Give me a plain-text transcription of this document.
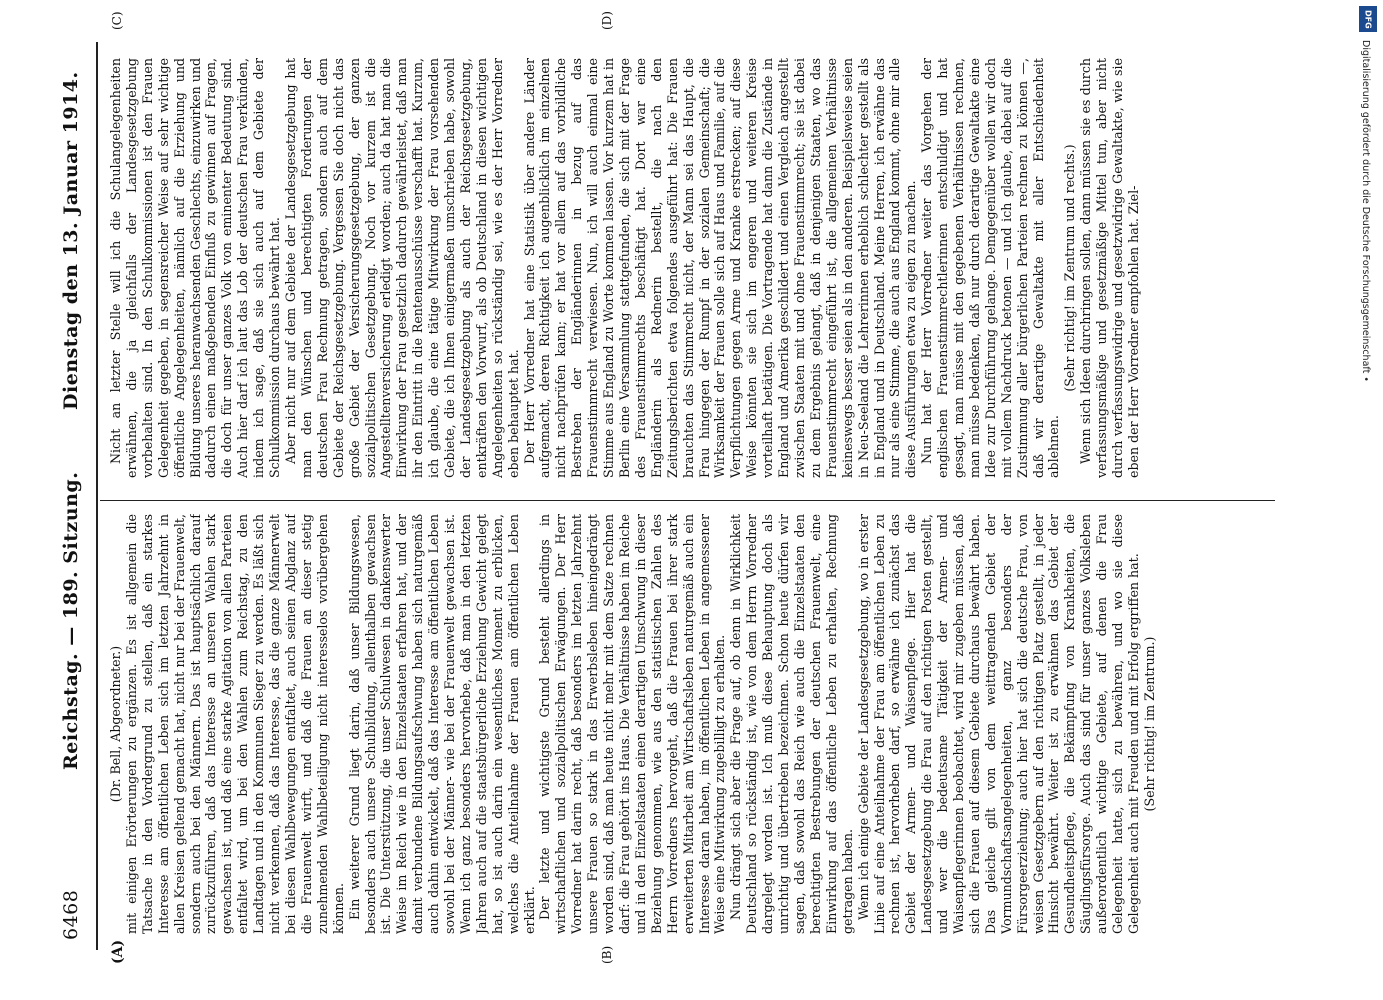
6468
Reichstag. — 189. Sitzung.
Dienstag den 13. Januar 1914.
(A)	(B)
(C)	(D)

(Dr. Bell, Abgeordneter.) mit einigen Erörterungen zu ergänzen. Es ist allgemein die Tatsache in den Vordergrund zu stellen, daß ein starkes Interesse am öffentlichen Leben sich im letzten Jahrzehnt in allen Kreisen geltend gemacht hat, nicht nur bei der Frauenwelt, sondern auch bei den Männern. Das ist hauptsächlich darauf zurückzuführen, daß das Interesse an unseren Wahlen stark gewachsen ist, und daß eine starke Agitation von allen Parteien entfaltet wird, um bei den Wahlen zum Reichstag, zu den Landtagen und in den Kommunen Sieger zu werden. Es läßt sich nicht verkennen, daß das Interesse, das die ganze Männerwelt bei diesen Wahlbewegungen entfaltet, auch seinen Abglanz auf die Frauenwelt wirft, und daß die Frauen an dieser stetig zunehmenden Wahlbeteiligung nicht interesselos vorübergehen können. Ein weiterer Grund liegt darin, daß unser Bildungswesen, besonders auch unsere Schulbildung, allenthalben gewachsen ist. Die Unterstützung, die unser Schulwesen in dankenswerter Weise im Reich wie in den Einzelstaaten erfahren hat, und der damit verbundene Bildungsaufschwung haben sich naturgemäß auch dahin entwickelt, daß das Interesse am öffentlichen Leben sowohl bei der Männer- wie bei der Frauenwelt gewachsen ist. Wenn ich ganz besonders hervorhebe, daß man in den letzten Jahren auch auf die staatsbürgerliche Erziehung Gewicht gelegt hat, so ist auch darin ein wesentliches Moment zu erblicken, welches die Anteilnahme der Frauen am öffentlichen Leben erklärt. Der letzte und wichtigste Grund besteht allerdings in wirtschaftlichen und sozialpolitischen Erwägungen. Der Herr Vorredner hat darin recht, daß besonders im letzten Jahrzehnt unsere Frauen so stark in das Erwerbsleben hineingedrängt worden sind, daß man heute nicht mehr mit dem Satze rechnen darf: die Frau gehört ins Haus. Die Verhältnisse haben im Reiche und in den Einzelstaaten einen derartigen Umschwung in dieser Beziehung genommen, wie aus den statistischen Zahlen des Herrn Vorredners hervorgeht, daß die Frauen bei ihrer stark erweiterten Mitarbeit am Wirtschaftsleben naturgemäß auch ein Interesse daran haben, im öffentlichen Leben in angemessener Weise eine Mitwirkung zugebilligt zu erhalten. Nun drängt sich aber die Frage auf, ob denn in Wirklichkeit Deutschland so rückständig ist, wie von dem Herrn Vorredner dargelegt worden ist. Ich muß diese Behauptung doch als unrichtig und übertrieben bezeichnen. Schon heute dürfen wir sagen, daß sowohl das Reich wie auch die Einzelstaaten den berechtigten Bestrebungen der deutschen Frauenwelt, eine Einwirkung auf das öffentliche Leben zu erhalten, Rechnung getragen haben. Wenn ich einige Gebiete der Landesgesetzgebung, wo in erster Linie auf eine Anteilnahme der Frau am öffentlichen Leben zu rechnen ist, hervorheben darf, so erwähne ich zunächst das Gebiet der Armen- und Waisenpflege. Hier hat die Landesgesetzgebung die Frau auf den richtigen Posten gestellt, und wer die bedeutsame Tätigkeit der Armen- und Waisenpflegerinnen beobachtet, wird mir zugeben müssen, daß sich die Frauen auf diesem Gebiete durchaus bewährt haben. Das gleiche gilt von dem weittragenden Gebiet der Vormundschaftsangelegenheiten, ganz besonders der Fürsorgeerziehung; auch hier hat sich die deutsche Frau, von weisen Gesetzgebern auf den richtigen Platz gestellt, in jeder Hinsicht bewährt. Weiter ist zu erwähnen das Gebiet der Gesundheitspflege, die Bekämpfung von Krankheiten, die Säuglingsfürsorge. Auch das sind für unser ganzes Volksleben außerordentlich wichtige Gebiete, auf denen die Frau Gelegenheit hatte, sich zu bewähren, und wo sie diese Gelegenheit auch mit Freuden und mit Erfolg ergriffen hat. (Sehr richtig! im Zentrum.)

Nicht an letzter Stelle will ich die Schulangelegenheiten erwähnen, die ja gleichfalls der Landesgesetzgebung vorbehalten sind. In den Schulkommissionen ist den Frauen Gelegenheit gegeben, in segensreicher Weise auf sehr wichtige öffentliche Angelegenheiten, nämlich auf die Erziehung und Bildung unseres heranwachsenden Geschlechts, einzuwirken und dadurch einen maßgebenden Einfluß zu gewinnen auf Fragen, die doch für unser ganzes Volk von eminenter Bedeutung sind. Auch hier darf ich laut das Lob der deutschen Frau verkünden, indem ich sage, daß sie sich auch auf dem Gebiete der Schulkommission durchaus bewährt hat. Aber nicht nur auf dem Gebiete der Landesgesetzgebung hat man den Wünschen und berechtigten Forderungen der deutschen Frau Rechnung getragen, sondern auch auf dem Gebiete der Reichsgesetzgebung. Vergessen Sie doch nicht das große Gebiet der Versicherungsgesetzgebung, der ganzen sozialpolitischen Gesetzgebung. Noch vor kurzem ist die Angestelltenversicherung erledigt worden; auch da hat man die Einwirkung der Frau gesetzlich dadurch gewährleistet, daß man ihr den Eintritt in die Rentenausschüsse verschafft hat. Kurzum, ich glaube, die eine tätige Mitwirkung der Frau vorsehenden Gebiete, die ich Ihnen einigermaßen umschrieben habe, sowohl der Landesgesetzgebung als auch der Reichsgesetzgebung, entkräften den Vorwurf, als ob Deutschland in diesen wichtigen Angelegenheiten so rückständig sei, wie es der Herr Vorredner eben behauptet hat. Der Herr Vorredner hat eine Statistik über andere Länder aufgemacht, deren Richtigkeit ich augenblicklich im einzelnen nicht nachprüfen kann; er hat vor allem auf das vorbildliche Bestreben der Engländerinnen in bezug auf das Frauenstimmrecht verwiesen. Nun, ich will auch einmal eine Stimme aus England zu Worte kommen lassen. Vor kurzem hat in Berlin eine Versammlung stattgefunden, die sich mit der Frage des Frauenstimmrechts beschäftigt hat. Dort war eine Engländerin als Rednerin bestellt, die nach den Zeitungsberichten etwa folgendes ausgeführt hat: Die Frauen brauchten das Stimmrecht nicht, der Mann sei das Haupt, die Frau hingegen der Rumpf in der sozialen Gemeinschaft; die Wirksamkeit der Frauen solle sich auf Haus und Familie, auf die Verpflichtungen gegen Arme und Kranke erstrecken; auf diese Weise könnten sie sich im engeren und weiteren Kreise vorteilhaft betätigen. Die Vortragende hat dann die Zustände in England und Amerika geschildert und einen Vergleich angestellt zwischen Staaten mit und ohne Frauenstimmrecht; sie ist dabei zu dem Ergebnis gelangt, daß in denjenigen Staaten, wo das Frauenstimmrecht eingeführt ist, die allgemeinen Verhältnisse keineswegs besser seien als in den anderen. Beispielsweise seien in Neu-Seeland die Lehrerinnen erheblich schlechter gestellt als in England und in Deutschland. Meine Herren, ich erwähne das nur als eine Stimme, die auch aus England kommt, ohne mir alle diese Ausführungen etwa zu eigen zu machen. Nun hat der Herr Vorredner weiter das Vorgehen der englischen Frauenstimmrechtlerinnen entschuldigt und hat gesagt, man müsse mit den gegebenen Verhältnissen rechnen, man müsse bedenken, daß nur durch derartige Gewaltakte eine Idee zur Durchführung gelange. Demgegenüber wollen wir doch mit vollem Nachdruck betonen — und ich glaube, dabei auf die Zustimmung aller bürgerlichen Parteien rechnen zu können —, daß wir derartige Gewaltakte mit aller Entschiedenheit ablehnen.

(Sehr richtig! im Zentrum und rechts.) Wenn sich Ideen durchringen sollen, dann müssen sie es durch verfassungsmäßige und gesetzmäßige Mittel tun, aber nicht durch verfassungswidrige und gesetzwidrige Gewaltakte, wie sie eben der Herr Vorredner empfohlen hat. Ziel-

DFG
Digitalisierung gefördert durch die Deutsche Forschungsgemeinschaft •
